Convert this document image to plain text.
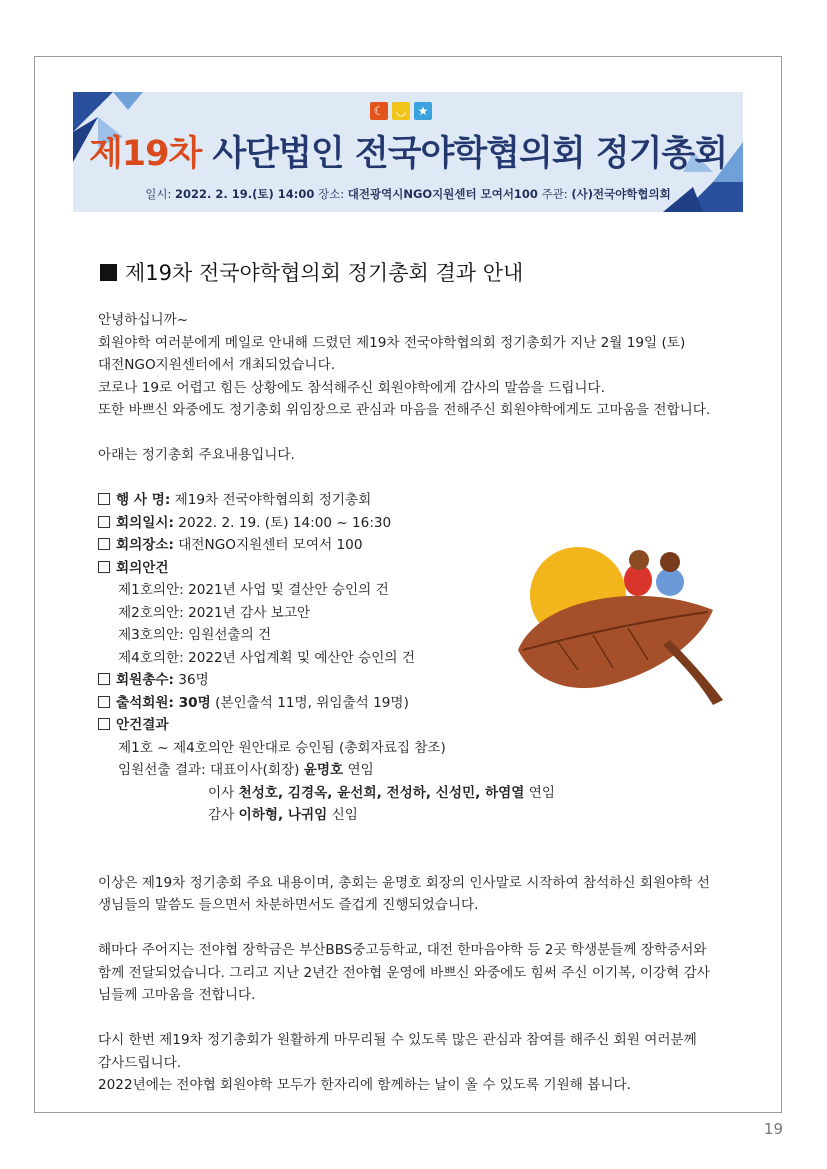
☾ ◡ ★
제19차 사단법인 전국야학협의회 정기총회
일시: 2022. 2. 19.(토) 14:00 장소: 대전광역시NGO지원센터 모여서100 주관: (사)전국야학협의회
제19차 전국야학협의회 정기총회 결과 안내

안녕하십니까~

회원야학 여러분에게 메일로 안내해 드렸던 제19차 전국야학협의회 정기총회가 지난 2월 19일 (토)

대전NGO지원센터에서 개최되었습니다.

코로나 19로 어렵고 힘든 상황에도 참석해주신 회원야학에게 감사의 말씀을 드립니다.

또한 바쁘신 와중에도 정기총회 위임장으로 관심과 마음을 전해주신 회원야학에게도 고마움을 전합니다.

아래는 정기총회 주요내용입니다.

행 사 명: 제19차 전국야학협의회 정기총회

회의일시: 2022. 2. 19. (토) 14:00 ~ 16:30

회의장소: 대전NGO지원센터 모여서 100

회의안건

제1호의안: 2021년 사업 및 결산안 승인의 건

제2호의안: 2021년 감사 보고안

제3호의안: 임원선출의 건

제4호의한: 2022년 사업계획 및 예산안 승인의 건

회원총수: 36명

출석회원: 30명 (본인출석 11명, 위임출석 19명)

안건결과

제1호 ~ 제4호의안 원안대로 승인됨 (총회자료집 참조)

임원선출 결과: 대표이사(회장) 윤명호 연임

이사 천성호, 김경옥, 윤선희, 전성하, 신성민, 하염열 연임

감사 이하형, 나귀임 신임

이상은 제19차 정기총회 주요 내용이며, 총회는 윤명호 회장의 인사말로 시작하여 참석하신 회원야학 선

생님들의 말씀도 들으면서 차분하면서도 즐겁게 진행되었습니다.

해마다 주어지는 전야협 장학금은 부산BBS중고등학교, 대전 한마음야학 등 2곳 학생분들께 장학증서와

함께 전달되었습니다. 그리고 지난 2년간 전야협 운영에 바쁘신 와중에도 힘써 주신 이기복, 이강혁 감사

님들께 고마움을 전합니다.

다시 한번 제19차 정기총회가 원활하게 마무리될 수 있도록 많은 관심과 참여를 해주신 회원 여러분께

감사드립니다.

2022년에는 전야협 회원야학 모두가 한자리에 함께하는 날이 올 수 있도록 기원해 봅니다.

19
